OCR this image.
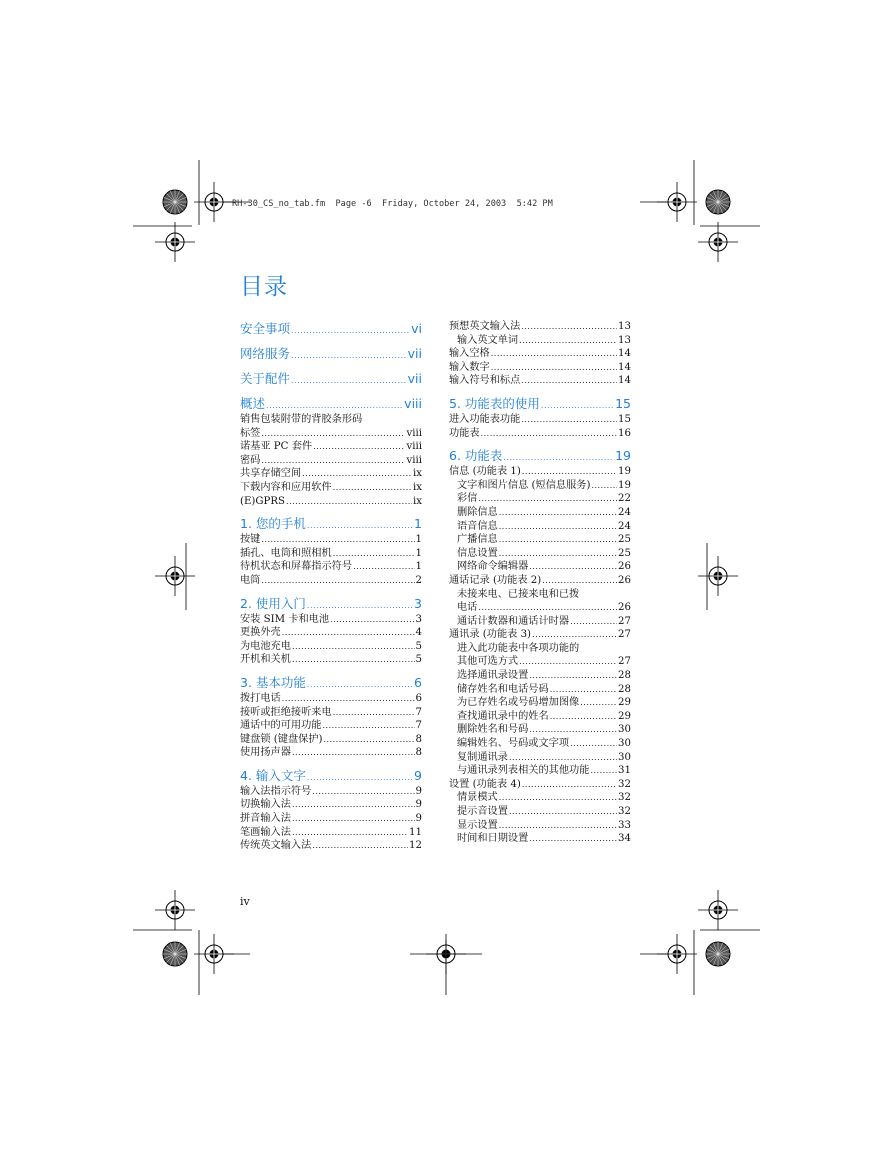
RH-30_CS_no_tab.fm  Page -6  Friday, October 24, 2003  5:42 PM
目录
安全事项 .....	vi
网络服务 .....	vii
关于配件 .....	vii
概述 .....	viii
销售包装附带的背胶条形码
标签 .....	viii
诺基亚 PC 套件 .....	viii
密码 .....	viii
共享存储空间 .....	ix
下载内容和应用软件 .....	ix
(E)GPRS .....	ix
1. 您的手机 .....	1
按键 .....	1
插孔、电筒和照相机 .....	1
待机状态和屏幕指示符号 .....	1
电筒 .....	2
2. 使用入门 .....	3
安装 SIM 卡和电池 .....	3
更换外壳 .....	4
为电池充电 .....	5
开机和关机 .....	5
3. 基本功能 .....	6
拨打电话 .....	6
接听或拒绝接听来电 .....	7
通话中的可用功能 .....	7
键盘锁 (键盘保护) .....	8
使用扬声器 .....	8
4. 输入文字 .....	9
输入法指示符号 .....	9
切换输入法 .....	9
拼音输入法 .....	9
笔画输入法 .....	11
传统英文输入法 .....	12
预想英文输入法 .....	13
输入英文单词 .....	13
输入空格 .....	14
输入数字 .....	14
输入符号和标点 .....	14
5. 功能表的使用 .....	15
进入功能表功能 .....	15
功能表 .....	16
6. 功能表 .....	19
信息 (功能表 1) .....	19
文字和图片信息 (短信息服务) .....	19
彩信 .....	22
删除信息 .....	24
语音信息 .....	24
广播信息 .....	25
信息设置 .....	25
网络命令编辑器 .....	26
通话记录 (功能表 2) .....	26
未接来电、已接来电和已拨
电话 .....	26
通话计数器和通话计时器 .....	27
通讯录 (功能表 3) .....	27
进入此功能表中各项功能的
其他可选方式 .....	27
选择通讯录设置 .....	28
储存姓名和电话号码 .....	28
为已存姓名或号码增加图像 .....	29
查找通讯录中的姓名 .....	29
删除姓名和号码 .....	30
编辑姓名、号码或文字项 .....	30
复制通讯录 .....	30
与通讯录列表相关的其他功能 .....	31
设置 (功能表 4) .....	32
情景模式 .....	32
提示音设置 .....	32
显示设置 .....	33
时间和日期设置 .....	34
iv
